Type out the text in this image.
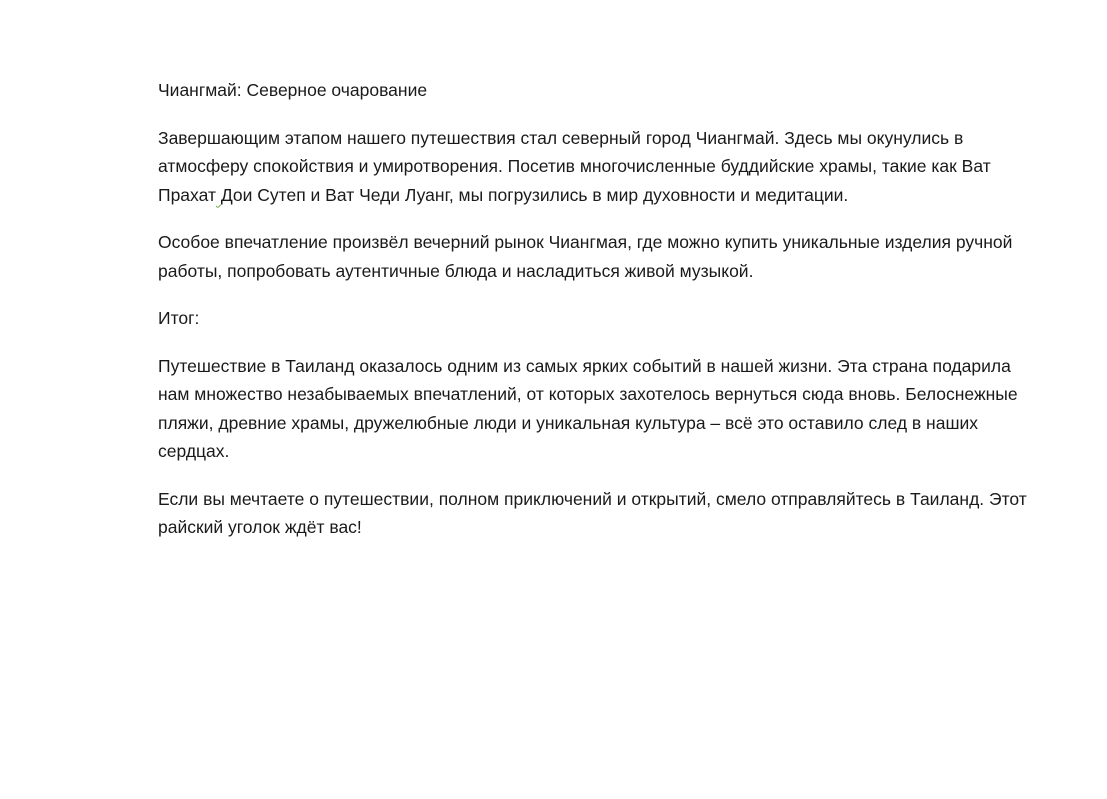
Чиангмай: Северное очарование

Завершающим этапом нашего путешествия стал северный город Чиангмай. Здесь мы окунулись в атмосферу спокойствия и умиротворения. Посетив многочисленные буддийские храмы, такие как Ват Прахат Дои Сутеп и Ват Чеди Луанг, мы погрузились в мир духовности и медитации.

Особое впечатление произвёл вечерний рынок Чиангмая, где можно купить уникальные изделия ручной работы, попробовать аутентичные блюда и насладиться живой музыкой.

Итог:

Путешествие в Таиланд оказалось одним из самых ярких событий в нашей жизни. Эта страна подарила нам множество незабываемых впечатлений, от которых захотелось вернуться сюда вновь. Белоснежные пляжи, древние храмы, дружелюбные люди и уникальная культура – всё это оставило след в наших сердцах.

Если вы мечтаете о путешествии, полном приключений и открытий, смело отправляйтесь в Таиланд. Этот райский уголок ждёт вас!
